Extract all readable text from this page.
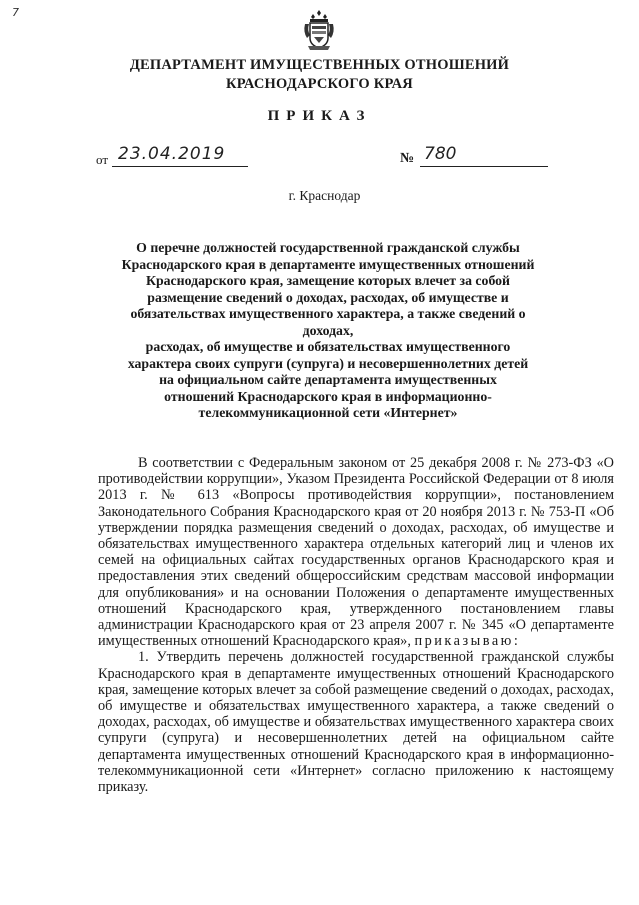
7
ДЕПАРТАМЕНТ ИМУЩЕСТВЕННЫХ ОТНОШЕНИЙ
КРАСНОДАРСКОГО КРАЯ
ПРИКАЗ
от 23.04.2019	№ 780
г. Краснодар
О перечне должностей государственной гражданской службы
Краснодарского края в департаменте имущественных отношений
Краснодарского края, замещение которых влечет за собой
размещение сведений о доходах, расходах, об имуществе и
обязательствах имущественного характера, а также сведений о доходах,
расходах, об имуществе и обязательствах имущественного
характера своих супруги (супруга) и несовершеннолетних детей
на официальном сайте департамента имущественных
отношений Краснодарского края в информационно-
телекоммуникационной сети «Интернет»

В соответствии с Федеральным законом от 25 декабря 2008 г. № 273-ФЗ «О противодействии коррупции», Указом Президента Российской Федерации от 8 июля 2013 г. № 613 «Вопросы противодействия коррупции», постановлением Законодательного Собрания Краснодарского края от 20 ноября 2013 г. № 753-П «Об утверждении порядка размещения сведений о доходах, расходах, об имуществе и обязательствах имущественного характера отдельных категорий лиц и членов их семей на официальных сайтах государственных органов Краснодарского края и предоставления этих сведений общероссийским средствам массовой информации для опубликования» и на основании Положения о департаменте имущественных отношений Краснодарского края, утвержденного постановлением главы администрации Краснодарского края от 23 апреля 2007 г. № 345 «О департаменте имущественных отношений Краснодарского края», приказываю:

1. Утвердить перечень должностей государственной гражданской службы Краснодарского края в департаменте имущественных отношений Краснодарского края, замещение которых влечет за собой размещение сведений о доходах, расходах, об имуществе и обязательствах имущественного характера, а также сведений о доходах, расходах, об имуществе и обязательствах имущественного характера своих супруги (супруга) и несовершеннолетних детей на официальном сайте департамента имущественных отношений Краснодарского края в информационно-телекоммуникационной сети «Интернет» согласно приложению к настоящему приказу.
